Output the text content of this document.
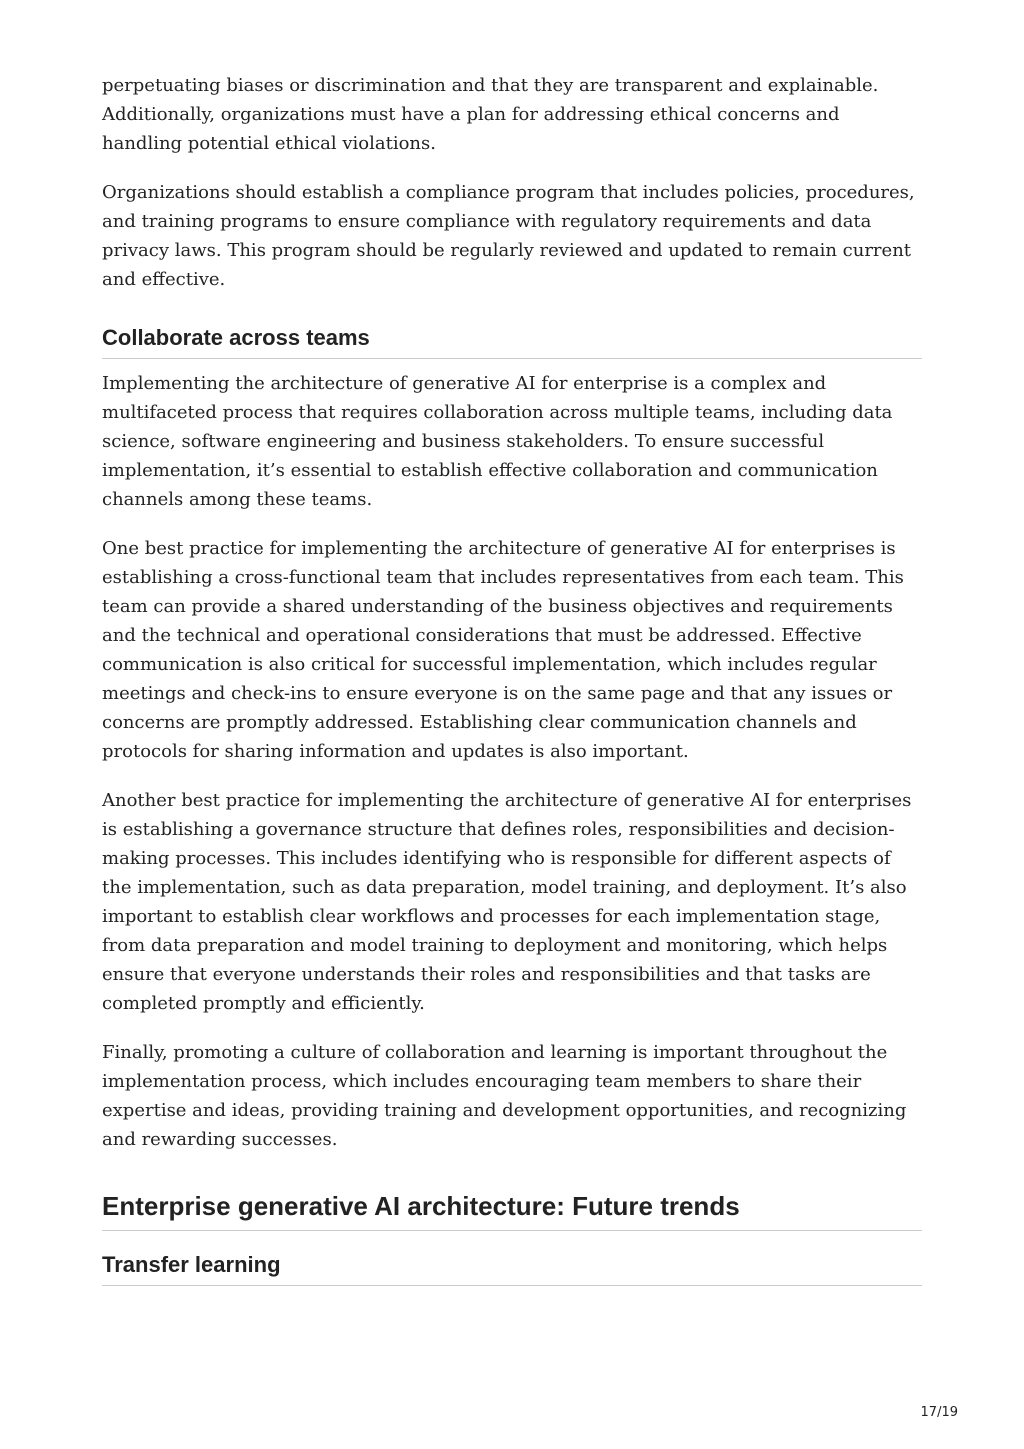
perpetuating biases or discrimination and that they are transparent and explainable. Additionally, organizations must have a plan for addressing ethical concerns and handling potential ethical violations.

Organizations should establish a compliance program that includes policies, procedures, and training programs to ensure compliance with regulatory requirements and data privacy laws. This program should be regularly reviewed and updated to remain current and effective.

Collaborate across teams

Implementing the architecture of generative AI for enterprise is a complex and multifaceted process that requires collaboration across multiple teams, including data science, software engineering and business stakeholders. To ensure successful implementation, it’s essential to establish effective collaboration and communication channels among these teams.

One best practice for implementing the architecture of generative AI for enterprises is establishing a cross-functional team that includes representatives from each team. This team can provide a shared understanding of the business objectives and requirements and the technical and operational considerations that must be addressed. Effective communication is also critical for successful implementation, which includes regular meetings and check-ins to ensure everyone is on the same page and that any issues or concerns are promptly addressed. Establishing clear communication channels and protocols for sharing information and updates is also important.

Another best practice for implementing the architecture of generative AI for enterprises is establishing a governance structure that defines roles, responsibilities and decision-making processes. This includes identifying who is responsible for different aspects of the implementation, such as data preparation, model training, and deployment. It’s also important to establish clear workflows and processes for each implementation stage, from data preparation and model training to deployment and monitoring, which helps ensure that everyone understands their roles and responsibilities and that tasks are completed promptly and efficiently.

Finally, promoting a culture of collaboration and learning is important throughout the implementation process, which includes encouraging team members to share their expertise and ideas, providing training and development opportunities, and recognizing and rewarding successes.

Enterprise generative AI architecture: Future trends
Transfer learning
17/19
